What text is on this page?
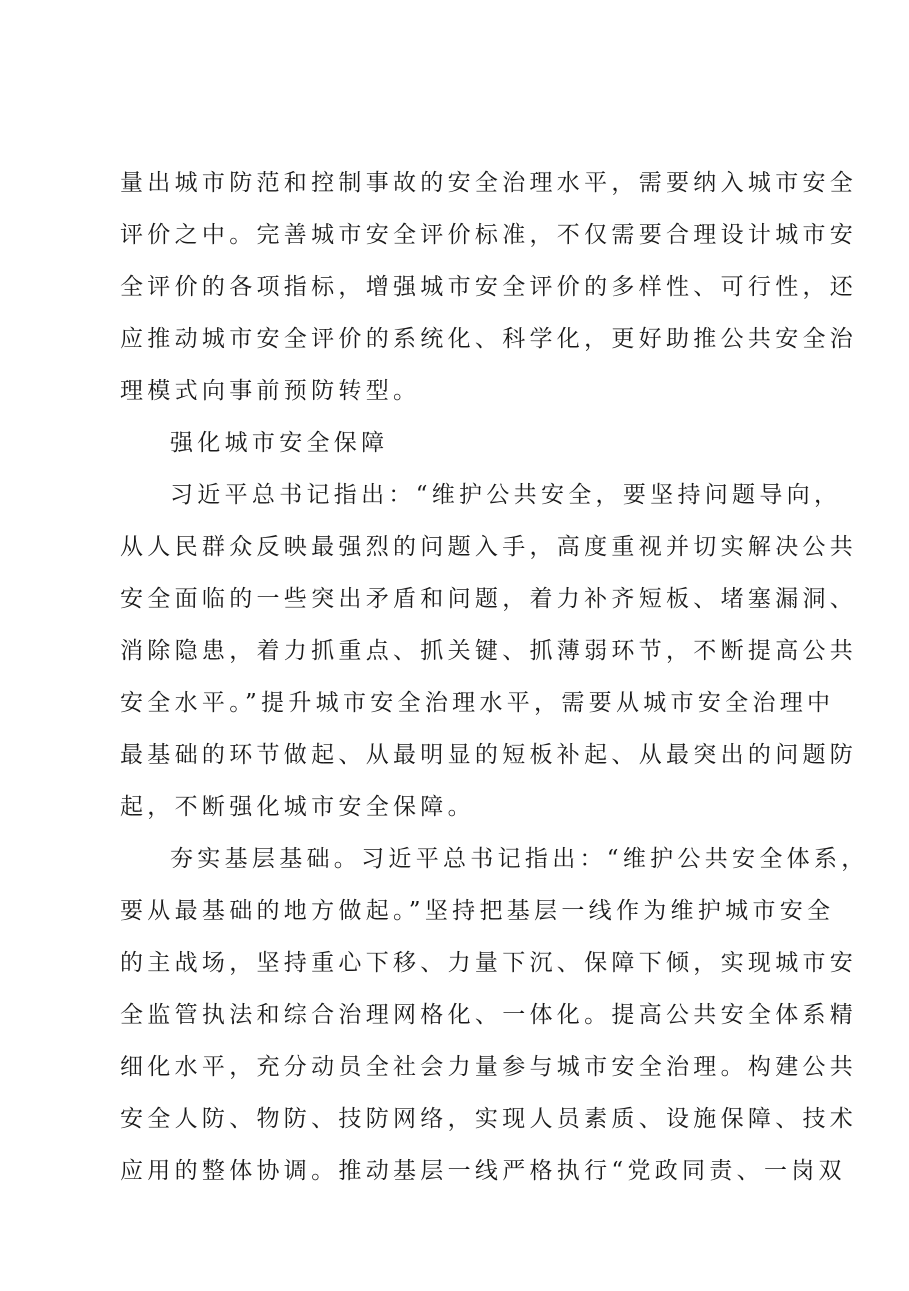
量出城市防范和控制事故的安全治理水平，需要纳入城市安全

评价之中。完善城市安全评价标准，不仅需要合理设计城市安

全评价的各项指标，增强城市安全评价的多样性、可行性，还

应推动城市安全评价的系统化、科学化，更好助推公共安全治

理模式向事前预防转型。

强化城市安全保障

习近平总书记指出：“维护公共安全，要坚持问题导向，

从人民群众反映最强烈的问题入手，高度重视并切实解决公共

安全面临的一些突出矛盾和问题，着力补齐短板、堵塞漏洞、

消除隐患，着力抓重点、抓关键、抓薄弱环节，不断提高公共

安全水平。”提升城市安全治理水平，需要从城市安全治理中

最基础的环节做起、从最明显的短板补起、从最突出的问题防

起，不断强化城市安全保障。

夯实基层基础。习近平总书记指出：“维护公共安全体系，

要从最基础的地方做起。”坚持把基层一线作为维护城市安全

的主战场，坚持重心下移、力量下沉、保障下倾，实现城市安

全监管执法和综合治理网格化、一体化。提高公共安全体系精

细化水平，充分动员全社会力量参与城市安全治理。构建公共

安全人防、物防、技防网络，实现人员素质、设施保障、技术

应用的整体协调。推动基层一线严格执行“党政同责、一岗双
